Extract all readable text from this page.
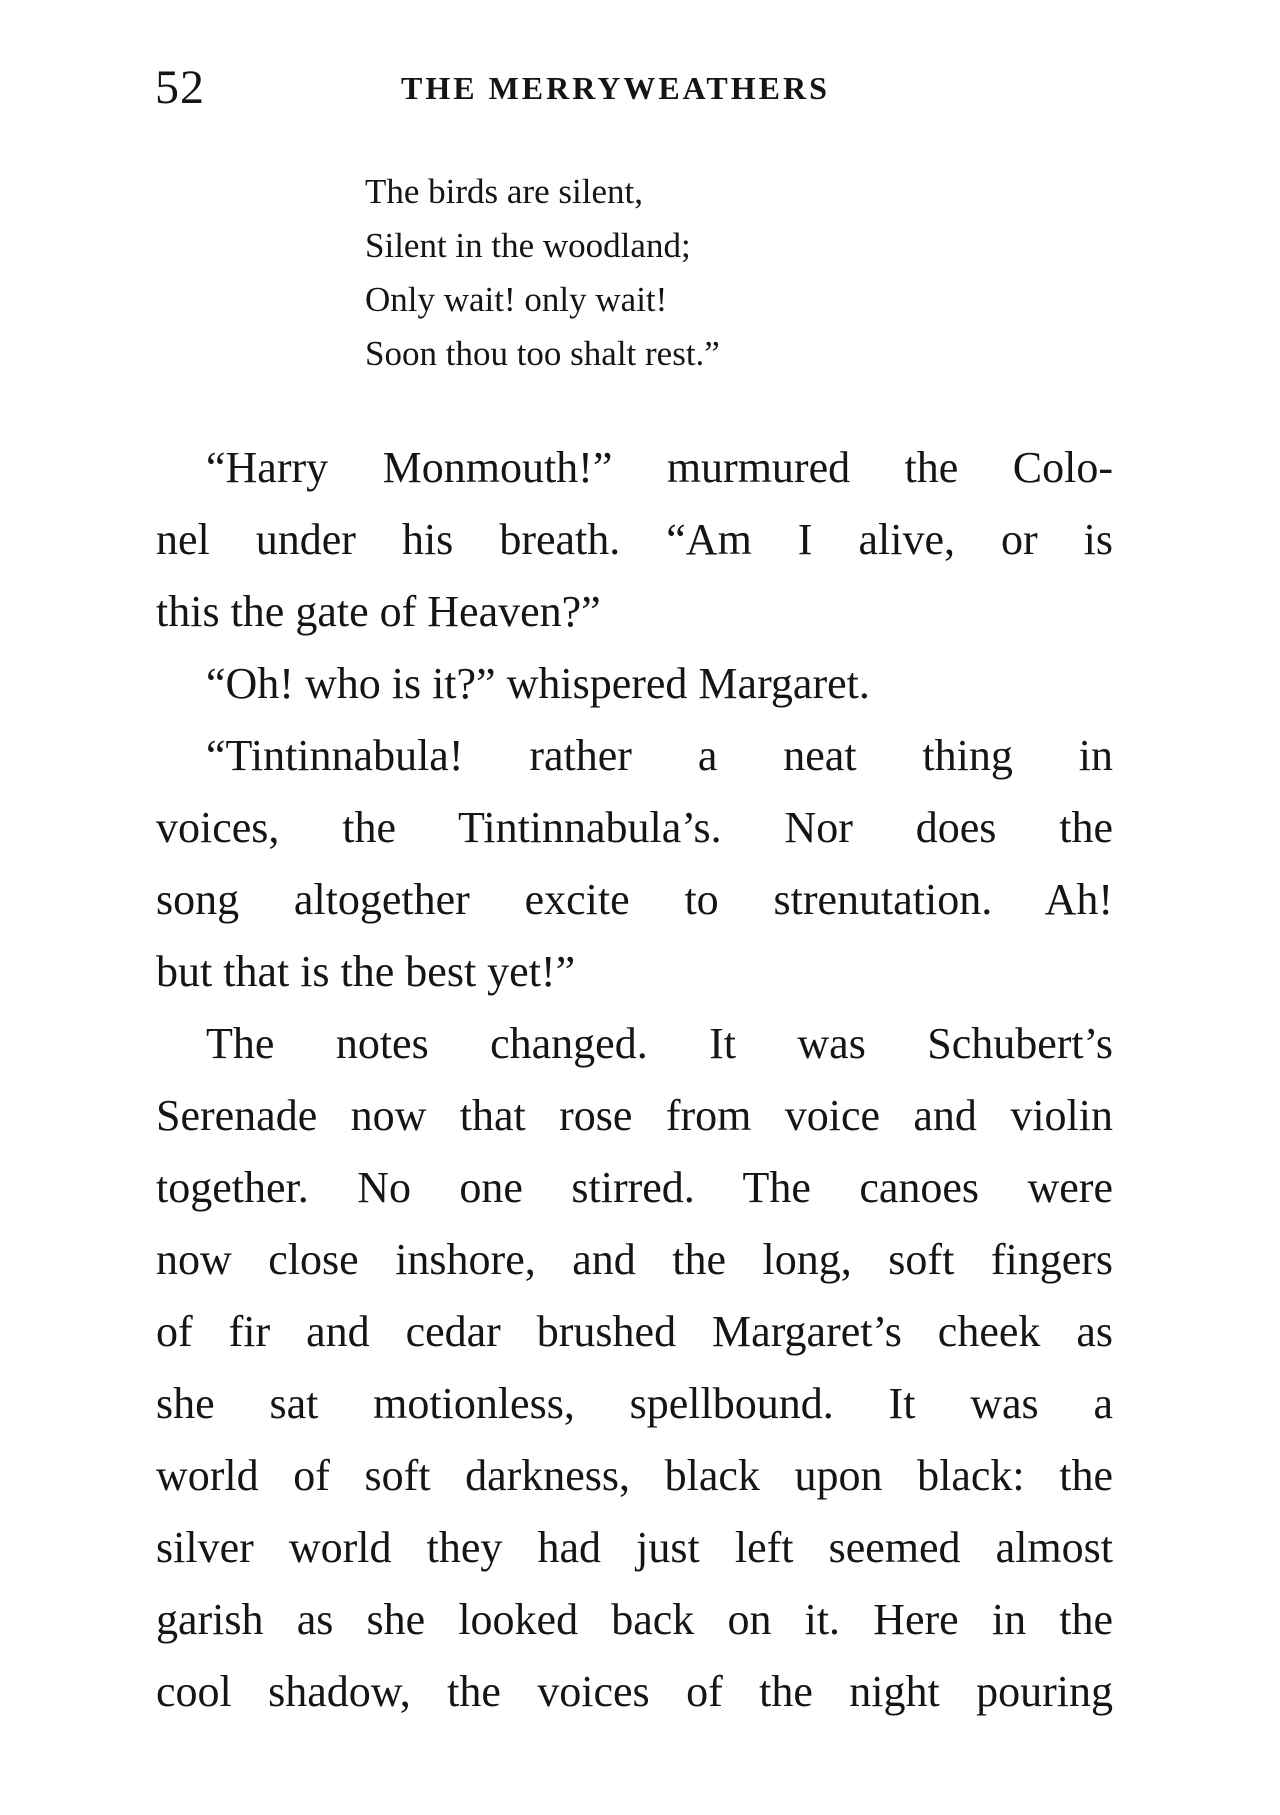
52	THE MERRYWEATHERS
The birds are silent,
Silent in the woodland;
Only wait! only wait!
Soon thou too shalt rest.”
“Harry Monmouth!” murmured the Colo-
nel under his breath. “Am I alive, or is
this the gate of Heaven?”
“Oh! who is it?” whispered Margaret.
“Tintinnabula! rather a neat thing in
voices, the Tintinnabula’s. Nor does the
song altogether excite to strenutation. Ah!
but that is the best yet!”
The notes changed. It was Schubert’s
Serenade now that rose from voice and violin
together. No one stirred. The canoes were
now close inshore, and the long, soft fingers
of fir and cedar brushed Margaret’s cheek as
she sat motionless, spellbound. It was a
world of soft darkness, black upon black: the
silver world they had just left seemed almost
garish as she looked back on it. Here in the
cool shadow, the voices of the night pouring
